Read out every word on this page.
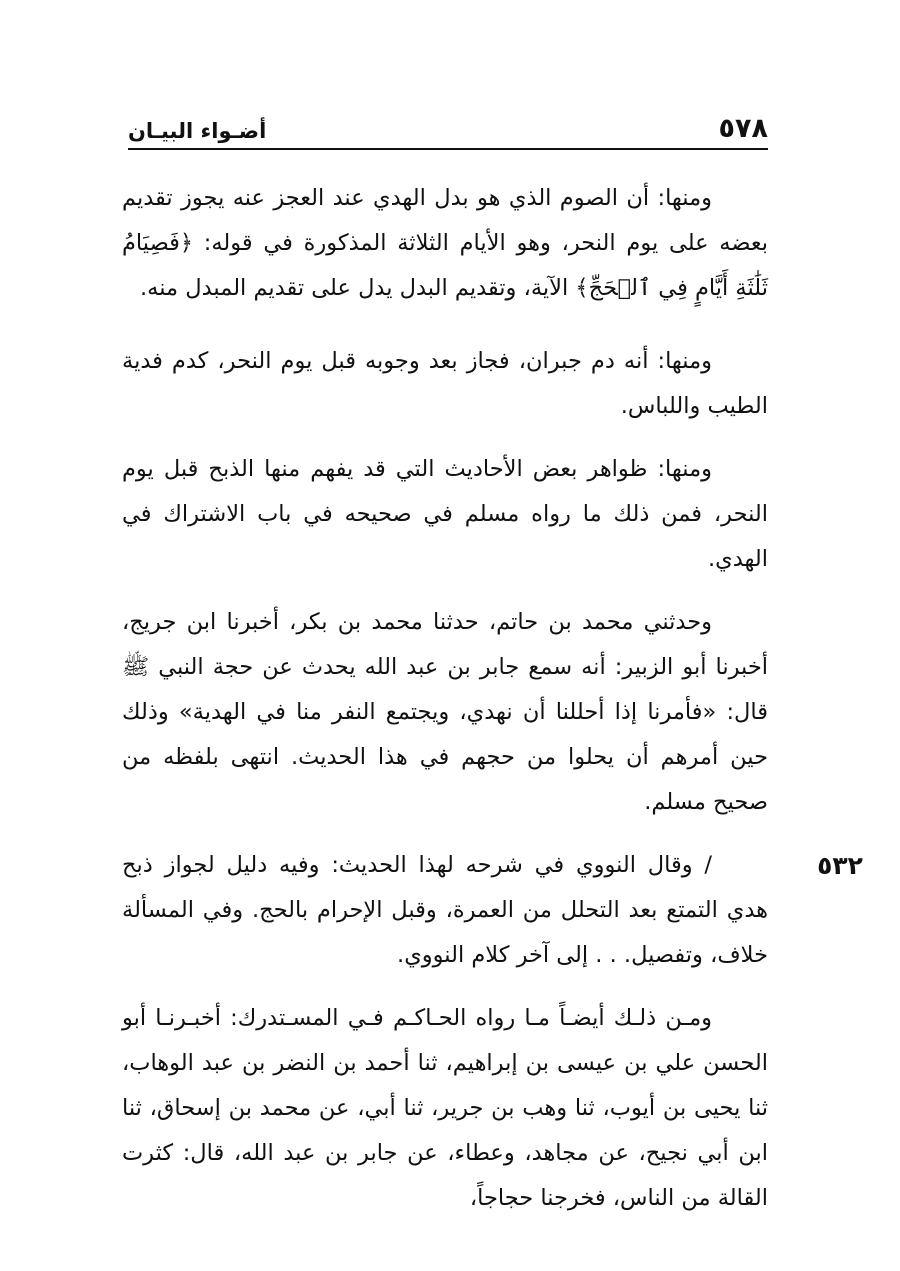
٥٧٨
أضـواء البيـان

ومنها: أن الصوم الذي هو بدل الهدي عند العجز عنه يجوز تقديم بعضه على يوم النحر، وهو الأيام الثلاثة المذكورة في قوله: ﴿فَصِيَامُ ثَلَٰثَةِ أَيَّامٍ فِي ٱلۡحَجِّ﴾ الآية، وتقديم البدل يدل على تقديم المبدل منه.

ومنها: أنه دم جبران، فجاز بعد وجوبه قبل يوم النحر، كدم فدية الطيب واللباس.

ومنها: ظواهر بعض الأحاديث التي قد يفهم منها الذبح قبل يوم النحر، فمن ذلك ما رواه مسلم في صحيحه في باب الاشتراك في الهدي.

وحدثني محمد بن حاتم، حدثنا محمد بن بكر، أخبرنا ابن جريج، أخبرنا أبو الزبير: أنه سمع جابر بن عبد الله يحدث عن حجة النبي ﷺ قال: «فأمرنا إذا أحللنا أن نهدي، ويجتمع النفر منا في الهدية» وذلك حين أمرهم أن يحلوا من حجهم في هذا الحديث. انتهى بلفظه من صحيح مسلم.

٥٣٢

/ وقال النووي في شرحه لهذا الحديث: وفيه دليل لجواز ذبح هدي التمتع بعد التحلل من العمرة، وقبل الإحرام بالحج. وفي المسألة خلاف، وتفصيل. . . إلى آخر كلام النووي.

ومـن ذلـك أيضـاً مـا رواه الحـاكـم فـي المسـتدرك: أخبـرنـا أبو الحسن علي بن عيسى بن إبراهيم، ثنا أحمد بن النضر بن عبد الوهاب، ثنا يحيى بن أيوب، ثنا وهب بن جرير، ثنا أبي، عن محمد بن إسحاق، ثنا ابن أبي نجيح، عن مجاهد، وعطاء، عن جابر بن عبد الله، قال: كثرت القالة من الناس، فخرجنا حجاجاً،
